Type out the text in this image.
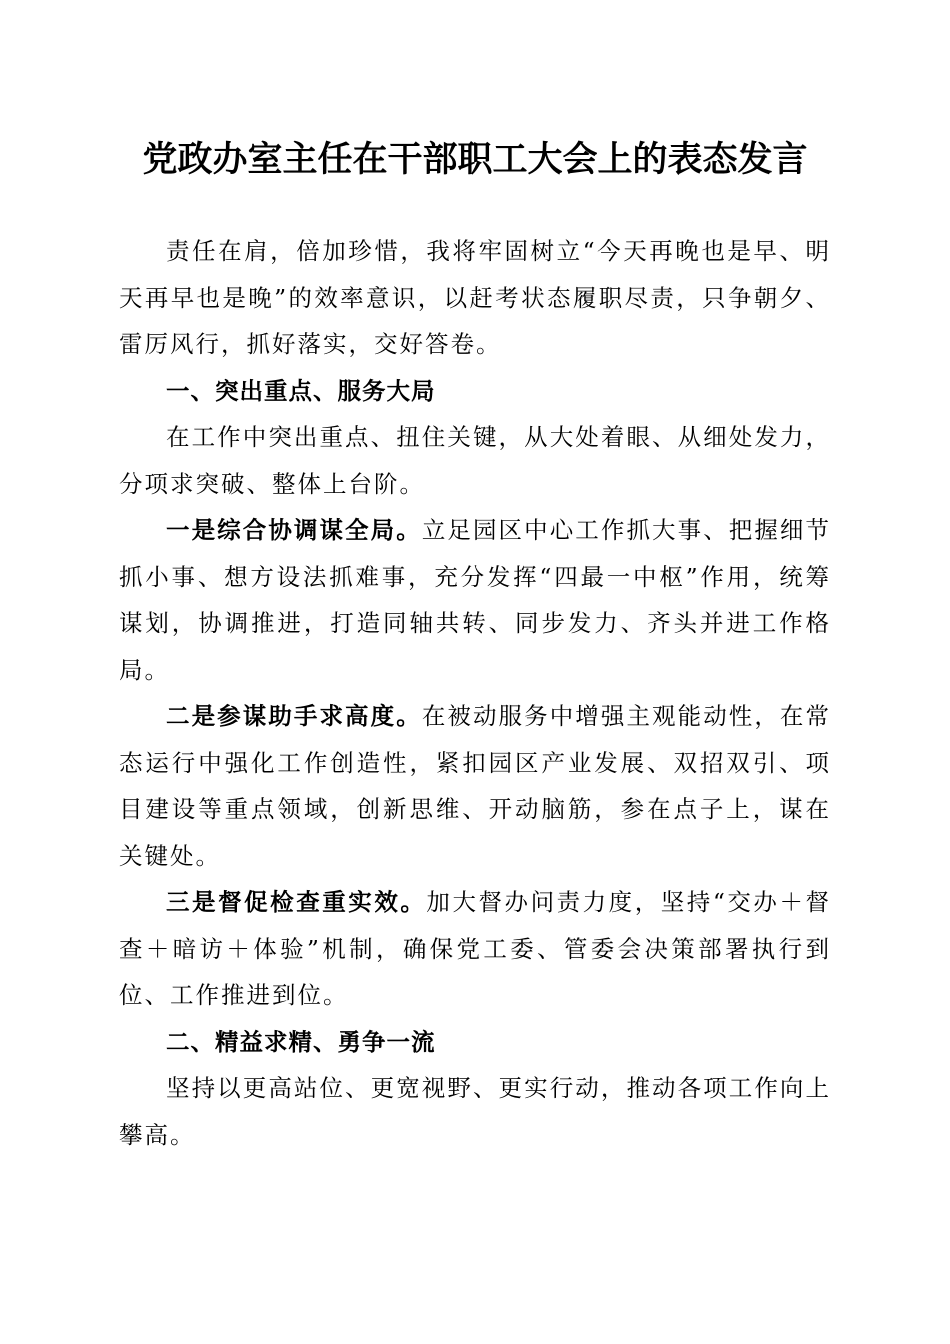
党政办室主任在干部职工大会上的表态发言

责任在肩，倍加珍惜，我将牢固树立“今天再晚也是早、明天再早也是晚”的效率意识，以赶考状态履职尽责，只争朝夕、雷厉风行，抓好落实，交好答卷。

一、突出重点、服务大局

在工作中突出重点、扭住关键，从大处着眼、从细处发力，分项求突破、整体上台阶。

一是综合协调谋全局。立足园区中心工作抓大事、把握细节抓小事、想方设法抓难事，充分发挥“四最一中枢”作用，统筹谋划，协调推进，打造同轴共转、同步发力、齐头并进工作格局。

二是参谋助手求高度。在被动服务中增强主观能动性，在常态运行中强化工作创造性，紧扣园区产业发展、双招双引、项目建设等重点领域，创新思维、开动脑筋，参在点子上，谋在关键处。

三是督促检查重实效。加大督办问责力度，坚持“交办＋督查＋暗访＋体验”机制，确保党工委、管委会决策部署执行到位、工作推进到位。

二、精益求精、勇争一流

坚持以更高站位、更宽视野、更实行动，推动各项工作向上攀高。
